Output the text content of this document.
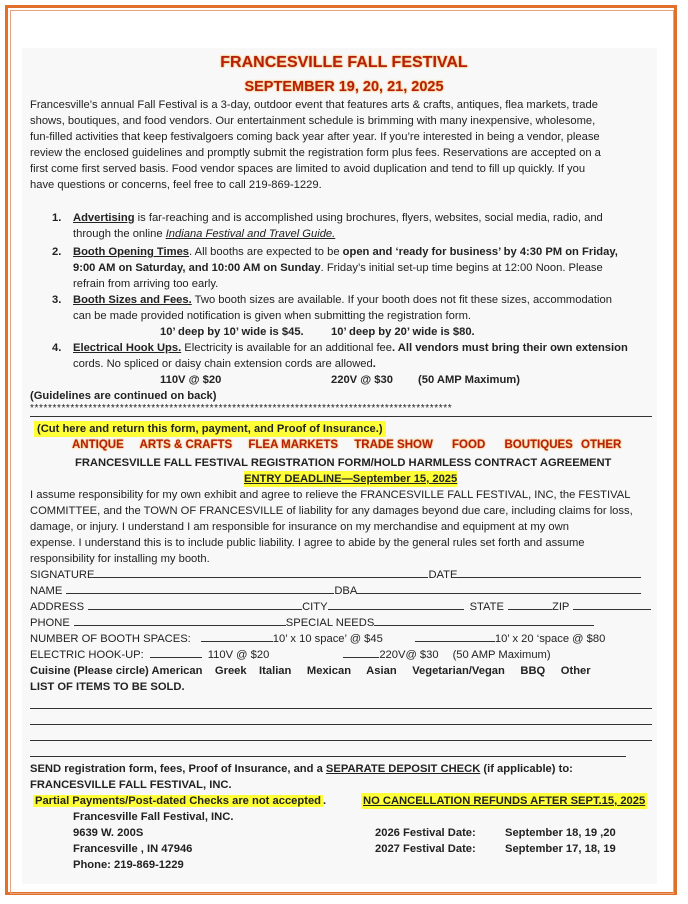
FRANCESVILLE FALL FESTIVAL
SEPTEMBER 19, 20, 21, 2025
Francesville’s annual Fall Festival is a 3-day, outdoor event that features arts & crafts, antiques, flea markets, trade
shows, boutiques, and food vendors. Our entertainment schedule is brimming with many inexpensive, wholesome,
fun-filled activities that keep festivalgoers coming back year after year. If you’re interested in being a vendor, please
review the enclosed guidelines and promptly submit the registration form plus fees. Reservations are accepted on a
first come first served basis. Food vendor spaces are limited to avoid duplication and tend to fill up quickly. If you
have questions or concerns, feel free to call 219-869-1229.
1. Advertising is far-reaching and is accomplished using brochures, flyers, websites, social media, radio, and
through the online Indiana Festival and Travel Guide.
2. Booth Opening Times. All booths are expected to be open and ‘ready for business’ by 4:30 PM on Friday,
9:00 AM on Saturday, and 10:00 AM on Sunday. Friday’s initial set-up time begins at 12:00 Noon. Please
refrain from arriving too early.
3. Booth Sizes and Fees. Two booth sizes are available. If your booth does not fit these sizes, accommodation
can be made provided notification is given when submitting the registration form.
10’ deep by 10’ wide is $45. 10’ deep by 20’ wide is $80.
4. Electrical Hook Ups. Electricity is available for an additional fee. All vendors must bring their own extension
cords. No spliced or daisy chain extension cords are allowed.
110V @ $20	220V @ $30 (50 AMP Maximum)
(Guidelines are continued on back)
**********************************************************************************************
(Cut here and return this form, payment, and Proof of Insurance.)
ANTIQUE ARTS & CRAFTS FLEA MARKETS TRADE SHOW FOOD BOUTIQUES OTHER
FRANCESVILLE FALL FESTIVAL REGISTRATION FORM/HOLD HARMLESS CONTRACT AGREEMENT
ENTRY DEADLINE—September 15, 2025
I assume responsibility for my own exhibit and agree to relieve the FRANCESVILLE FALL FESTIVAL, INC, the FESTIVAL
COMMITTEE, and the TOWN OF FRANCESVILLE of liability for any damages beyond due care, including claims for loss,
damage, or injury. I understand I am responsible for insurance on my merchandise and equipment at my own
expense. I understand this is to include public liability. I agree to abide by the general rules set forth and assume
responsibility for installing my booth.
SIGNATURE	DATE
NAME	DBA
ADDRESS	CITY	STATE	ZIP
PHONE	SPECIAL NEEDS
NUMBER OF BOOTH SPACES:	10’ x 10 space’ @ $45	10’ x 20 ‘space @ $80
ELECTRIC HOOK-UP:	110V @ $20	220V@ $30 (50 AMP Maximum)
Cuisine (Please circle) American    Greek    Italian     Mexican     Asian     Vegetarian/Vegan     BBQ     Other
LIST OF ITEMS TO BE SOLD.
SEND registration form, fees, Proof of Insurance, and a SEPARATE DEPOSIT CHECK (if applicable) to:
FRANCESVILLE FALL FESTIVAL, INC.
Partial Payments/Post-dated Checks are not accepted .	NO CANCELLATION REFUNDS AFTER SEPT.15, 2025
Francesville Fall Festival, INC.
9639 W. 200S
Francesville , IN 47946
Phone: 219-869-1229
2026 Festival Date:	September 18, 19 ,20
2027 Festival Date:	September 17, 18, 19
